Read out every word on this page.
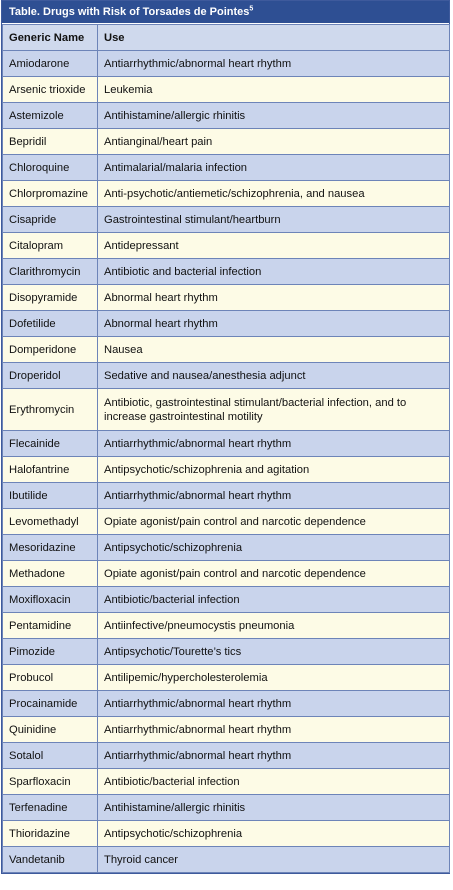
Table. Drugs with Risk of Torsades de Pointes$^5$
Generic Name	Use
Amiodarone	Antiarrhythmic/abnormal heart rhythm
Arsenic trioxide	Leukemia
Astemizole	Antihistamine/allergic rhinitis
Bepridil	Antianginal/heart pain
Chloroquine	Antimalarial/malaria infection
Chlorpromazine	Anti-psychotic/antiemetic/schizophrenia, and nausea
Cisapride	Gastrointestinal stimulant/heartburn
Citalopram	Antidepressant
Clarithromycin	Antibiotic and bacterial infection
Disopyramide	Abnormal heart rhythm
Dofetilide	Abnormal heart rhythm
Domperidone	Nausea
Droperidol	Sedative and nausea/anesthesia adjunct
Erythromycin	Antibiotic, gastrointestinal stimulant/bacterial infection, and to increase gastrointestinal motility
Flecainide	Antiarrhythmic/abnormal heart rhythm
Halofantrine	Antipsychotic/schizophrenia and agitation
Ibutilide	Antiarrhythmic/abnormal heart rhythm
Levomethadyl	Opiate agonist/pain control and narcotic dependence
Mesoridazine	Antipsychotic/schizophrenia
Methadone	Opiate agonist/pain control and narcotic dependence
Moxifloxacin	Antibiotic/bacterial infection
Pentamidine	Antiinfective/pneumocystis pneumonia
Pimozide	Antipsychotic/Tourette’s tics
Probucol	Antilipemic/hypercholesterolemia
Procainamide	Antiarrhythmic/abnormal heart rhythm
Quinidine	Antiarrhythmic/abnormal heart rhythm
Sotalol	Antiarrhythmic/abnormal heart rhythm
Sparfloxacin	Antibiotic/bacterial infection
Terfenadine	Antihistamine/allergic rhinitis
Thioridazine	Antipsychotic/schizophrenia
Vandetanib	Thyroid cancer
